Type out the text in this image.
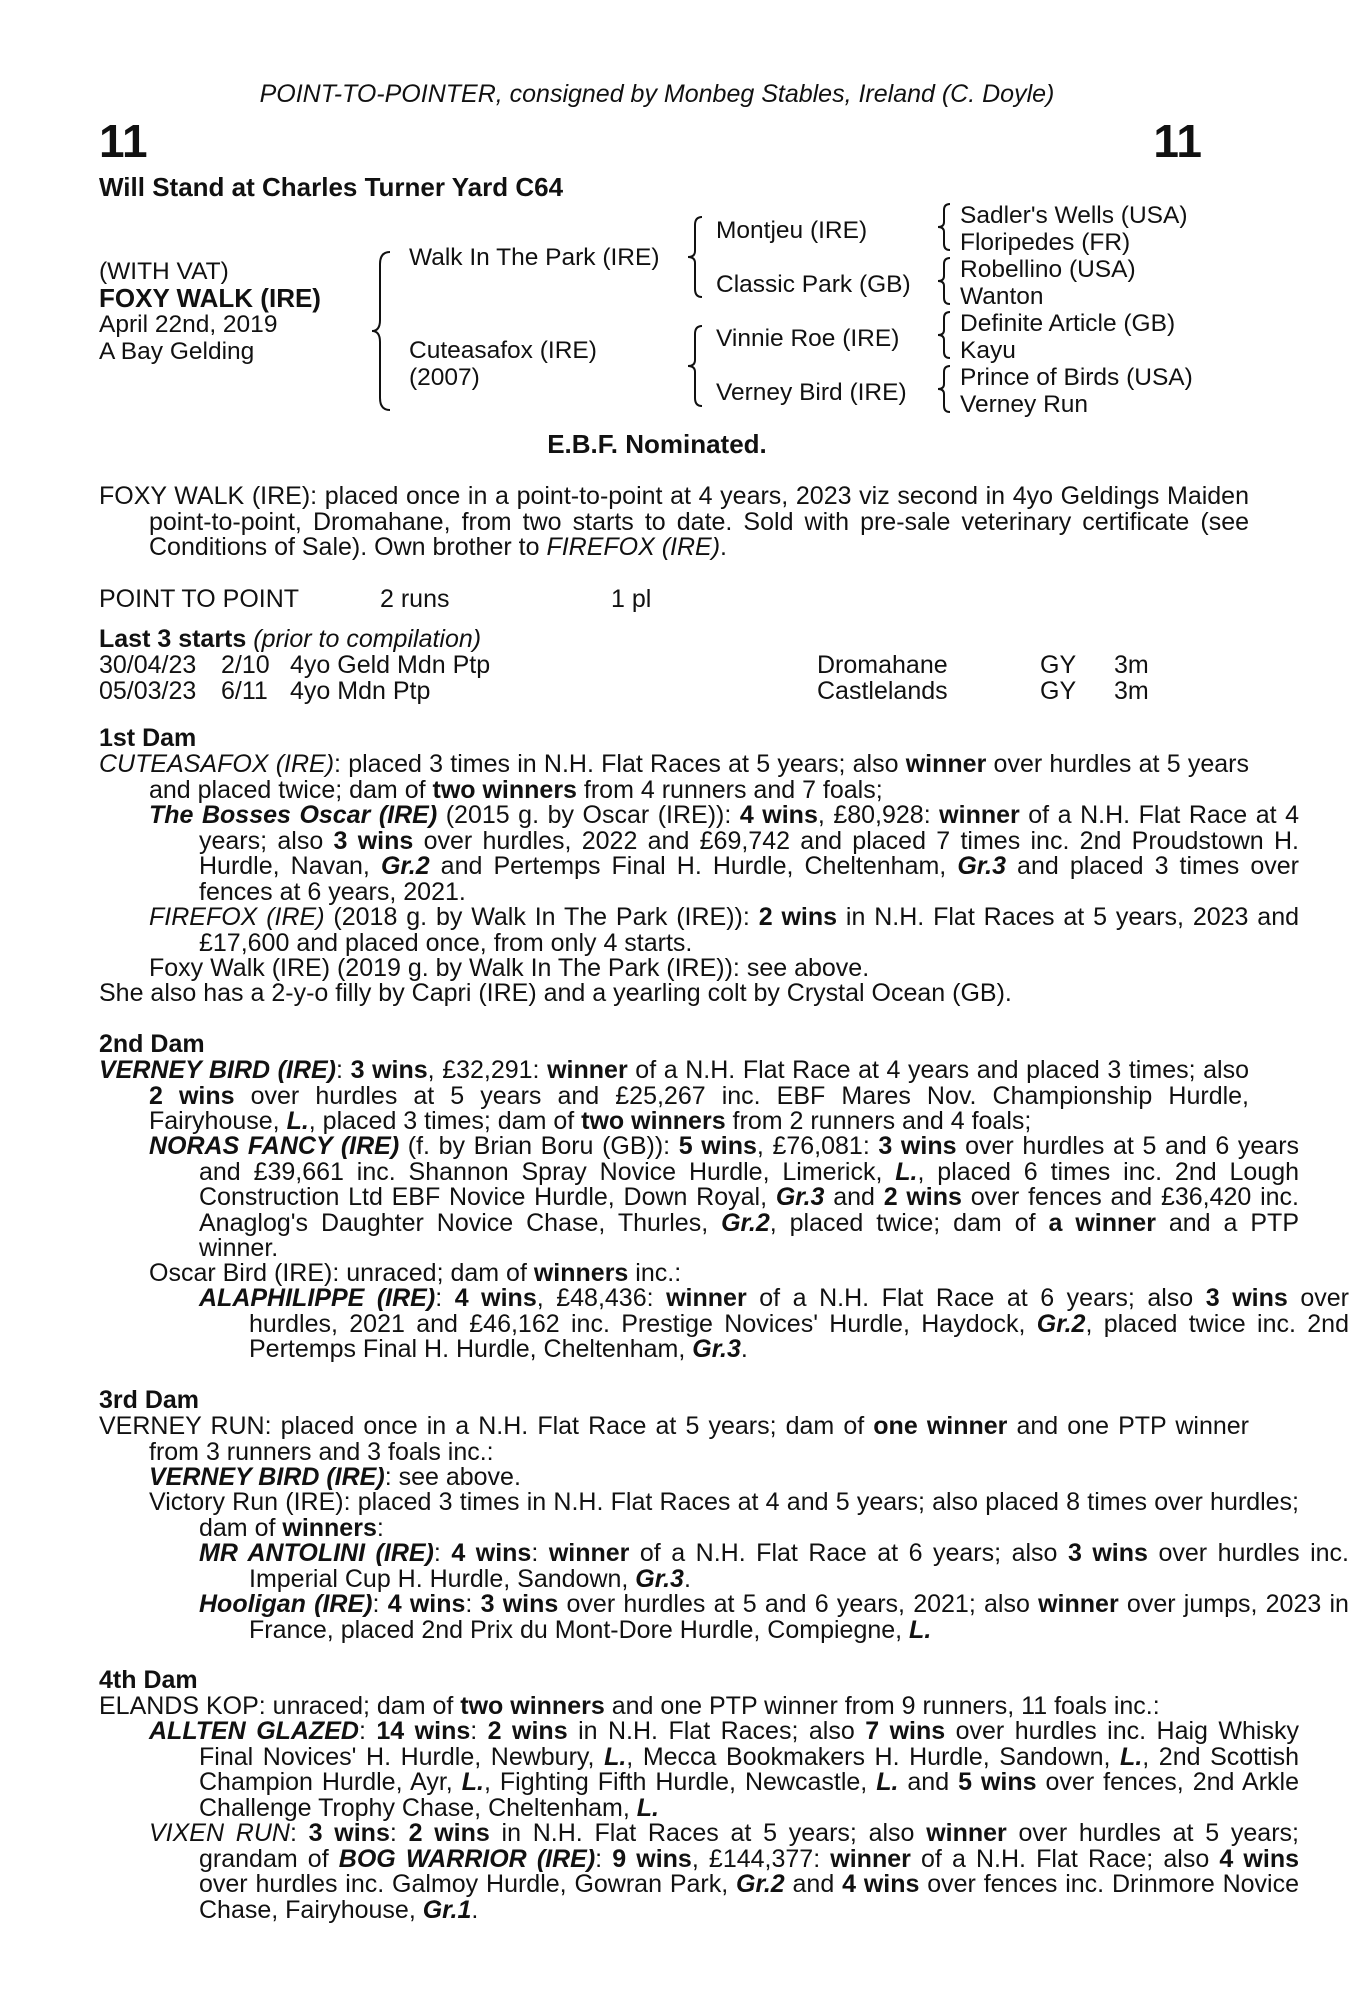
POINT-TO-POINTER, consigned by Monbeg Stables, Ireland (C. Doyle)
11	11
Will Stand at Charles Turner Yard C64
(WITH VAT)
FOXY WALK (IRE)
April 22nd, 2019
A Bay Gelding
Walk In The Park (IRE)
Cuteasafox (IRE)
(2007)
Montjeu (IRE)
Classic Park (GB)
Vinnie Roe (IRE)
Verney Bird (IRE)
Sadler's Wells (USA)
Floripedes (FR)
Robellino (USA)
Wanton
Definite Article (GB)
Kayu
Prince of Birds (USA)
Verney Run
E.B.F. Nominated.
FOXY WALK (IRE): placed once in a point-to-point at 4 years, 2023 viz second in 4yo Geldings Maiden point-to-point, Dromahane, from two starts to date. Sold with pre-sale veterinary certificate (see Conditions of Sale). Own brother to FIREFOX (IRE).
POINT TO POINT	2 runs	1 pl
Last 3 starts (prior to compilation)
30/04/23 2/10 4yo Geld Mdn Ptp	Dromahane	GY 3m
05/03/23 6/11 4yo Mdn Ptp	Castlelands	GY 3m
1st Dam
CUTEASAFOX (IRE): placed 3 times in N.H. Flat Races at 5 years; also winner over hurdles at 5 years and placed twice; dam of two winners from 4 runners and 7 foals;
The Bosses Oscar (IRE) (2015 g. by Oscar (IRE)): 4 wins, £80,928: winner of a N.H. Flat Race at 4 years; also 3 wins over hurdles, 2022 and £69,742 and placed 7 times inc. 2nd Proudstown H. Hurdle, Navan, Gr.2 and Pertemps Final H. Hurdle, Cheltenham, Gr.3 and placed 3 times over fences at 6 years, 2021.
FIREFOX (IRE) (2018 g. by Walk In The Park (IRE)): 2 wins in N.H. Flat Races at 5 years, 2023 and £17,600 and placed once, from only 4 starts.
Foxy Walk (IRE) (2019 g. by Walk In The Park (IRE)): see above.
She also has a 2-y-o filly by Capri (IRE) and a yearling colt by Crystal Ocean (GB).
2nd Dam
VERNEY BIRD (IRE): 3 wins, £32,291: winner of a N.H. Flat Race at 4 years and placed 3 times; also 2 wins over hurdles at 5 years and £25,267 inc. EBF Mares Nov. Championship Hurdle, Fairyhouse, L., placed 3 times; dam of two winners from 2 runners and 4 foals;
NORAS FANCY (IRE) (f. by Brian Boru (GB)): 5 wins, £76,081: 3 wins over hurdles at 5 and 6 years and £39,661 inc. Shannon Spray Novice Hurdle, Limerick, L., placed 6 times inc. 2nd Lough Construction Ltd EBF Novice Hurdle, Down Royal, Gr.3 and 2 wins over fences and £36,420 inc. Anaglog's Daughter Novice Chase, Thurles, Gr.2, placed twice; dam of a winner and a PTP winner.
Oscar Bird (IRE): unraced; dam of winners inc.:
ALAPHILIPPE (IRE): 4 wins, £48,436: winner of a N.H. Flat Race at 6 years; also 3 wins over hurdles, 2021 and £46,162 inc. Prestige Novices' Hurdle, Haydock, Gr.2, placed twice inc. 2nd Pertemps Final H. Hurdle, Cheltenham, Gr.3.
3rd Dam
VERNEY RUN: placed once in a N.H. Flat Race at 5 years; dam of one winner and one PTP winner from 3 runners and 3 foals inc.:
VERNEY BIRD (IRE): see above.
Victory Run (IRE): placed 3 times in N.H. Flat Races at 4 and 5 years; also placed 8 times over hurdles; dam of winners:
MR ANTOLINI (IRE): 4 wins: winner of a N.H. Flat Race at 6 years; also 3 wins over hurdles inc. Imperial Cup H. Hurdle, Sandown, Gr.3.
Hooligan (IRE): 4 wins: 3 wins over hurdles at 5 and 6 years, 2021; also winner over jumps, 2023 in France, placed 2nd Prix du Mont-Dore Hurdle, Compiegne, L.
4th Dam
ELANDS KOP: unraced; dam of two winners and one PTP winner from 9 runners, 11 foals inc.:
ALLTEN GLAZED: 14 wins: 2 wins in N.H. Flat Races; also 7 wins over hurdles inc. Haig Whisky Final Novices' H. Hurdle, Newbury, L., Mecca Bookmakers H. Hurdle, Sandown, L., 2nd Scottish Champion Hurdle, Ayr, L., Fighting Fifth Hurdle, Newcastle, L. and 5 wins over fences, 2nd Arkle Challenge Trophy Chase, Cheltenham, L.
VIXEN RUN: 3 wins: 2 wins in N.H. Flat Races at 5 years; also winner over hurdles at 5 years; grandam of BOG WARRIOR (IRE): 9 wins, £144,377: winner of a N.H. Flat Race; also 4 wins over hurdles inc. Galmoy Hurdle, Gowran Park, Gr.2 and 4 wins over fences inc. Drinmore Novice Chase, Fairyhouse, Gr.1.
